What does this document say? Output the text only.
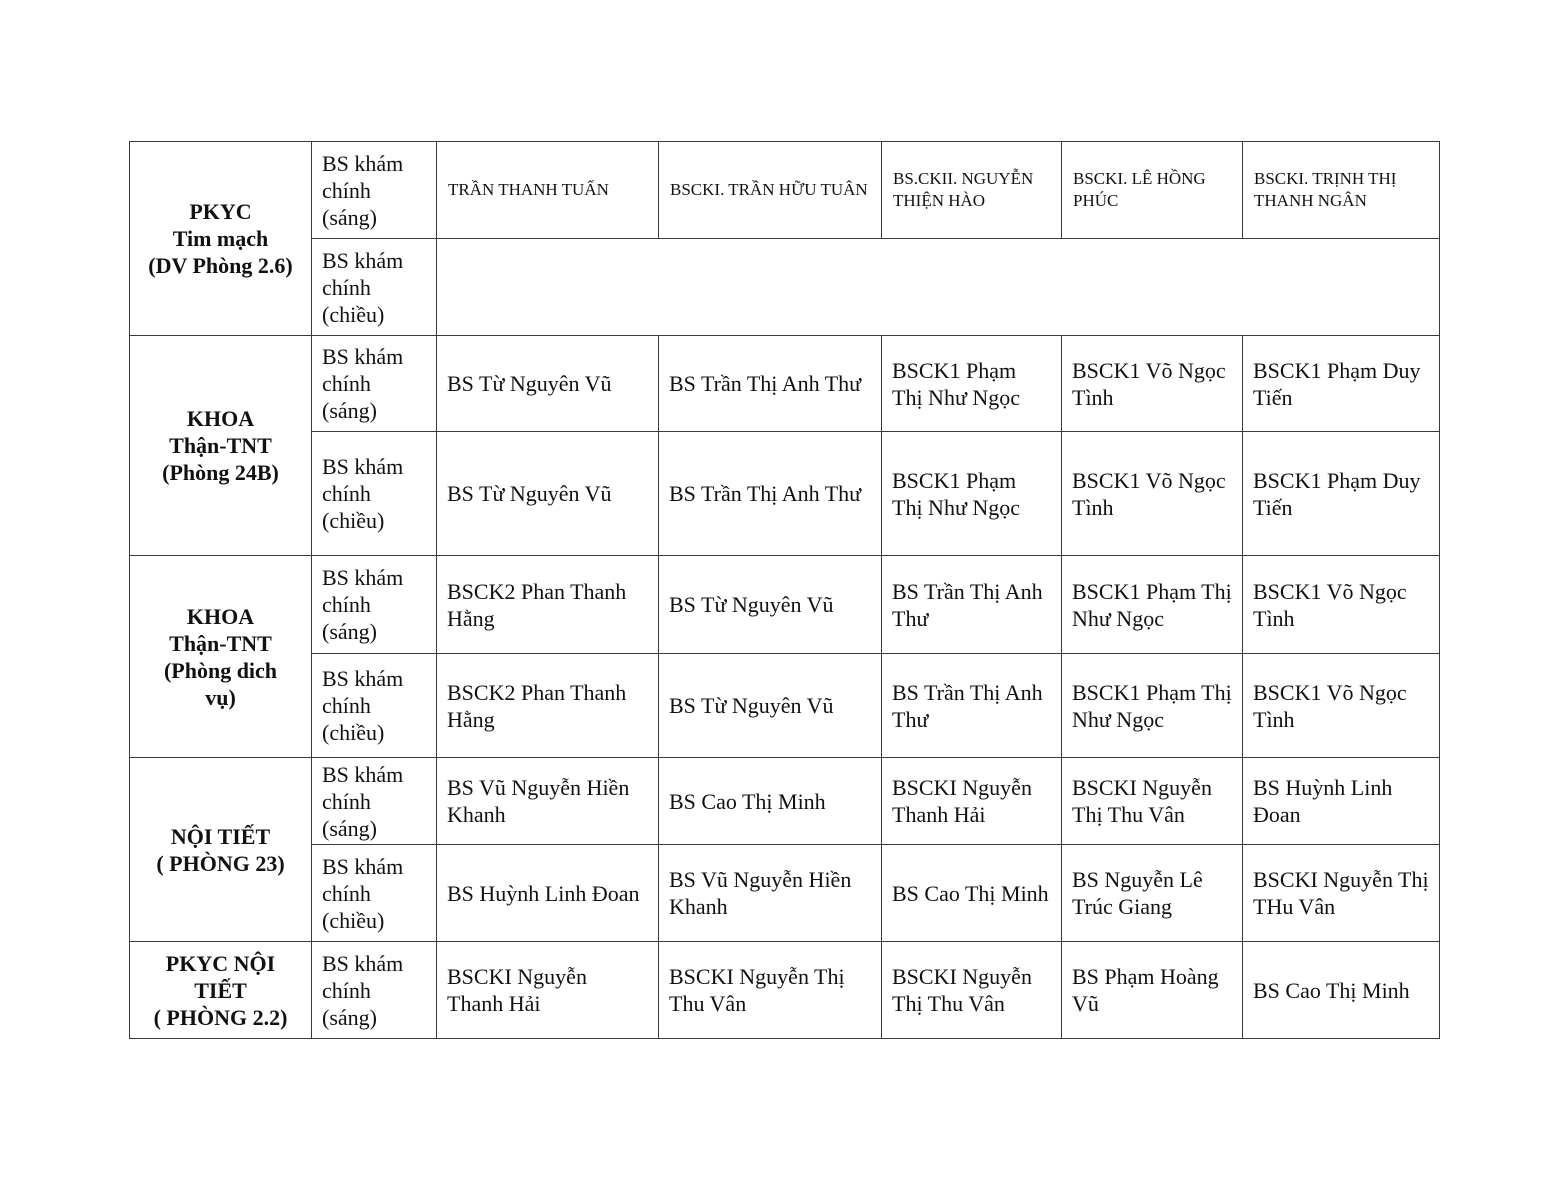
PKYC
Tim mạch
(DV Phòng 2.6)	BS khám
chính
(sáng)	TRẦN THANH TUẤN	BSCKI. TRẦN HỮU TUÂN	BS.CKII. NGUYỄN THIỆN HÀO	BSCKI. LÊ HỒNG PHÚC	BSCKI. TRỊNH THỊ THANH NGÂN

	BS khám
chính
(chiều)					

KHOA
Thận-TNT
(Phòng 24B)	BS khám
chính
(sáng)	BS Từ Nguyên Vũ	BS Trần Thị Anh Thư	BSCK1 Phạm Thị Như Ngọc	BSCK1 Võ Ngọc Tình	BSCK1 Phạm Duy Tiến

	BS khám
chính
(chiều)	BS Từ Nguyên Vũ	BS Trần Thị Anh Thư	BSCK1 Phạm Thị Như Ngọc	BSCK1 Võ Ngọc Tình	BSCK1 Phạm Duy Tiến

KHOA
Thận-TNT
(Phòng dich
vụ)	BS khám
chính
(sáng)	BSCK2 Phan Thanh Hằng	BS Từ Nguyên Vũ	BS Trần Thị Anh Thư	BSCK1 Phạm Thị Như Ngọc	BSCK1 Võ Ngọc Tình

	BS khám
chính
(chiều)	BSCK2 Phan Thanh Hằng	BS Từ Nguyên Vũ	BS Trần Thị Anh Thư	BSCK1 Phạm Thị Như Ngọc	BSCK1 Võ Ngọc Tình

NỘI TIẾT
( PHÒNG 23)	BS khám
chính
(sáng)	BS Vũ Nguyễn Hiền Khanh	BS Cao Thị Minh	BSCKI Nguyễn Thanh Hải	BSCKI Nguyễn Thị Thu Vân	BS Huỳnh Linh Đoan

	BS khám
chính
(chiều)	BS Huỳnh Linh Đoan	BS Vũ Nguyễn Hiền Khanh	BS Cao Thị Minh	BS Nguyễn Lê Trúc Giang	BSCKI Nguyễn Thị THu Vân

PKYC NỘI
TIẾT
( PHÒNG 2.2)	BS khám
chính
(sáng)	BSCKI Nguyễn Thanh Hải	BSCKI Nguyễn Thị Thu Vân	BSCKI Nguyễn Thị Thu Vân	BS Phạm Hoàng Vũ	BS Cao Thị Minh
